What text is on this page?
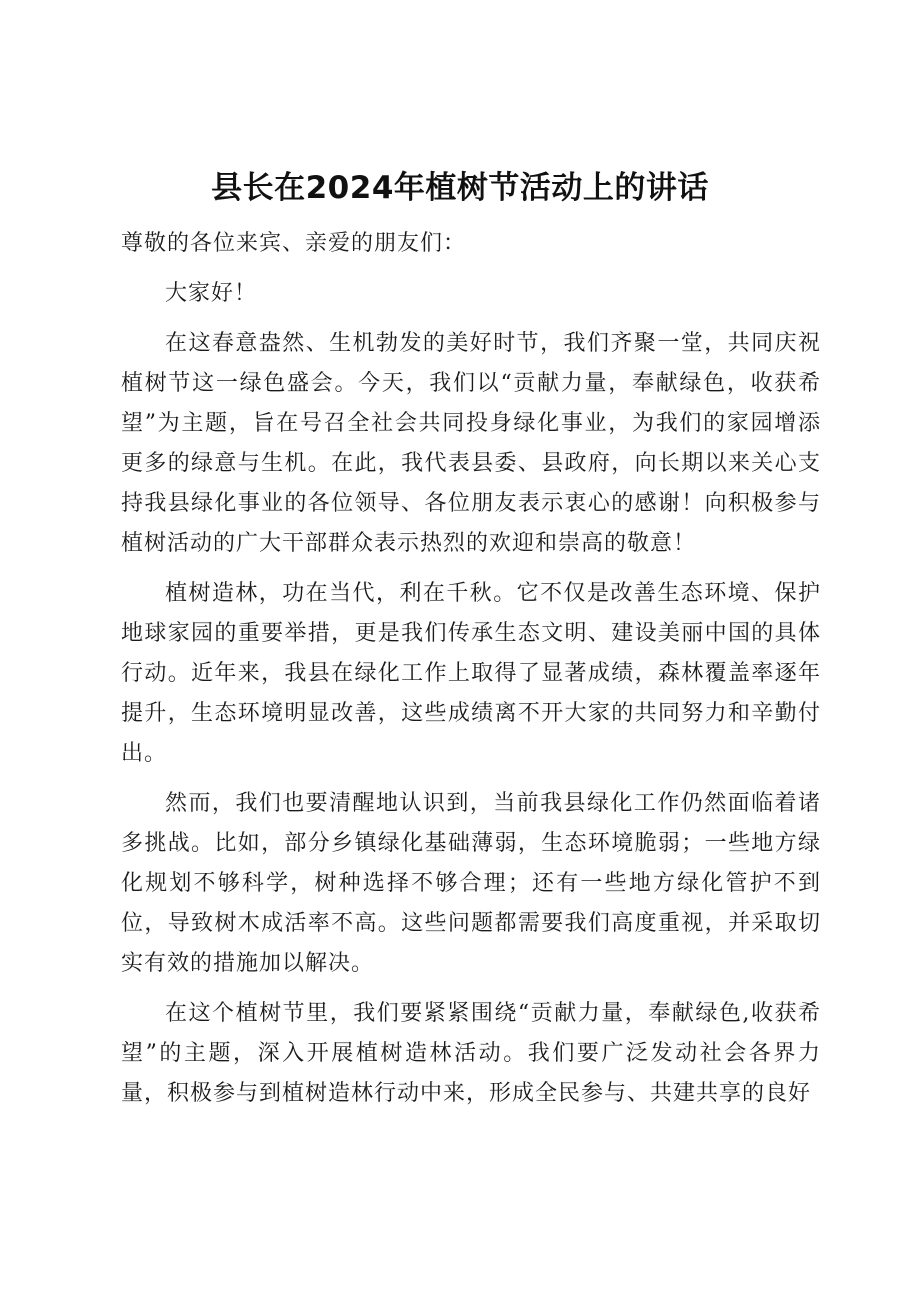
县长在2024年植树节活动上的讲话

尊敬的各位来宾、亲爱的朋友们：

大家好！

在这春意盎然、生机勃发的美好时节，我们齐聚一堂，共同庆祝植树节这一绿色盛会。今天，我们以“贡献力量，奉献绿色，收获希望”为主题，旨在号召全社会共同投身绿化事业，为我们的家园增添更多的绿意与生机。在此，我代表县委、县政府，向长期以来关心支持我县绿化事业的各位领导、各位朋友表示衷心的感谢！向积极参与植树活动的广大干部群众表示热烈的欢迎和崇高的敬意！

植树造林，功在当代，利在千秋。它不仅是改善生态环境、保护地球家园的重要举措，更是我们传承生态文明、建设美丽中国的具体行动。近年来，我县在绿化工作上取得了显著成绩，森林覆盖率逐年提升，生态环境明显改善，这些成绩离不开大家的共同努力和辛勤付出。

然而，我们也要清醒地认识到，当前我县绿化工作仍然面临着诸多挑战。比如，部分乡镇绿化基础薄弱，生态环境脆弱；一些地方绿化规划不够科学，树种选择不够合理；还有一些地方绿化管护不到位，导致树木成活率不高。这些问题都需要我们高度重视，并采取切实有效的措施加以解决。

在这个植树节里，我们要紧紧围绕“贡献力量，奉献绿色,收获希望”的主题，深入开展植树造林活动。我们要广泛发动社会各界力量，积极参与到植树造林行动中来，形成全民参与、共建共享的良好
